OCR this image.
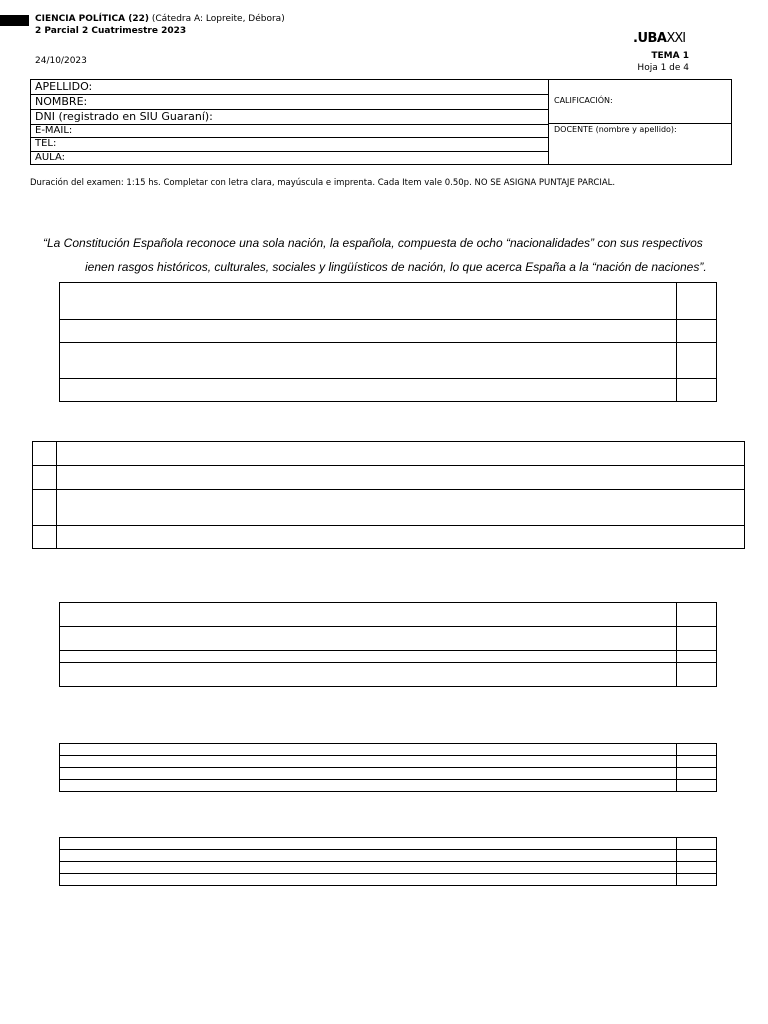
CIENCIA POLÍTICA (22) (Cátedra A: Lopreite, Débora)
2 Parcial 2 Cuatrimestre 2023
24/10/2023
.UBAXXI
TEMA 1
Hoja 1 de 4
APELLIDO:
NOMBRE:
DNI (registrado en SIU Guaraní):
E-MAIL:
TEL:
AULA:
CALIFICACIÓN:
DOCENTE (nombre y apellido):
Duración del examen: 1:15 hs. Completar con letra clara, mayúscula e imprenta. Cada Item vale 0.50p. NO SE ASIGNA PUNTAJE PARCIAL.
“La Constitución Española reconoce una sola nación, la española, compuesta de ocho “nacionalidades” con sus respectivos
ienen rasgos históricos, culturales, sociales y lingüísticos de nación, lo que acerca España a la “nación de naciones”.
